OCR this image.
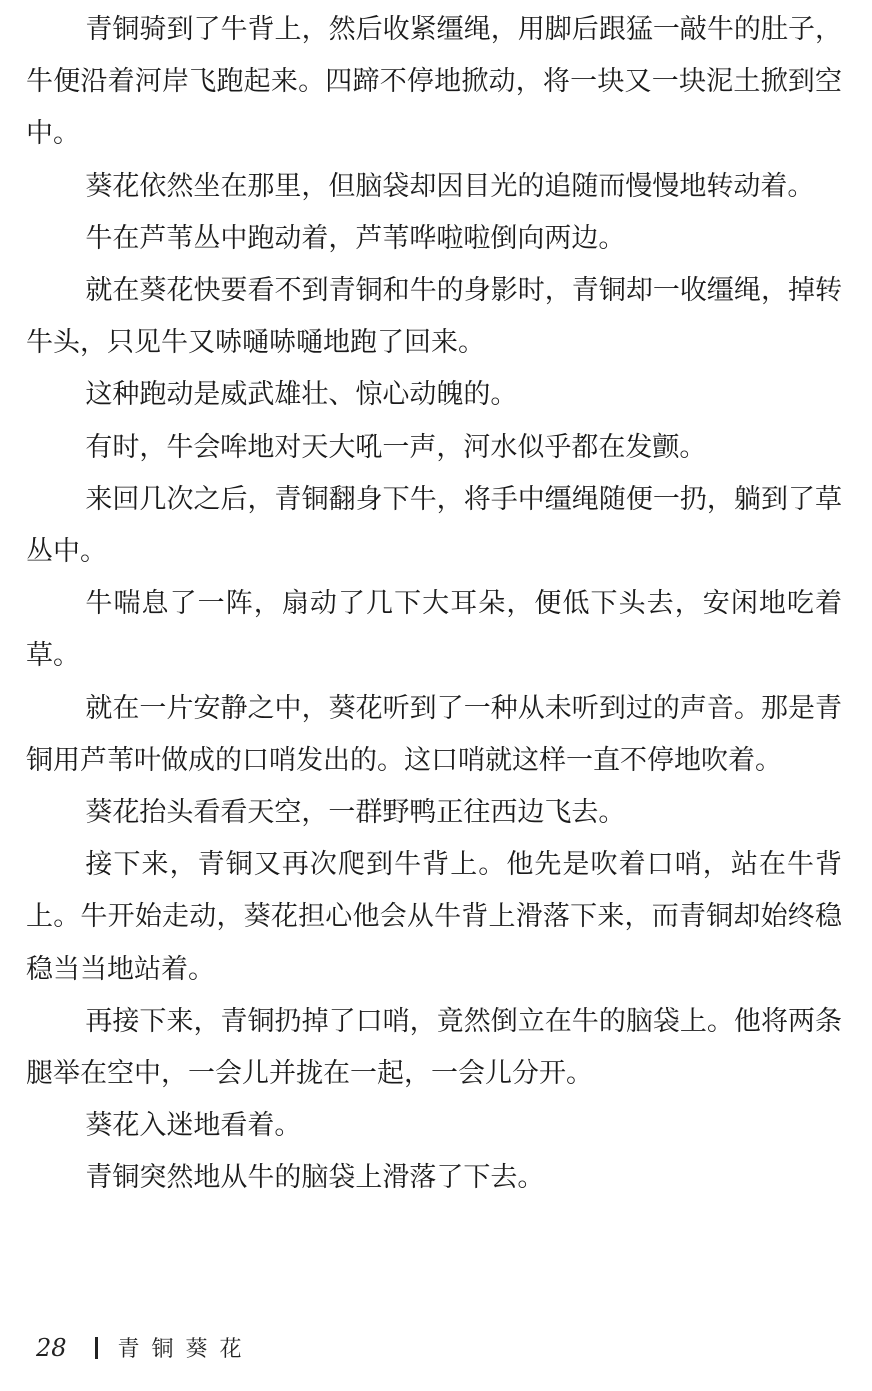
青铜骑到了牛背上，然后收紧缰绳，用脚后跟猛一敲牛的肚子，牛便沿着河岸飞跑起来。四蹄不停地掀动，将一块又一块泥土掀到空中。

葵花依然坐在那里，但脑袋却因目光的追随而慢慢地转动着。

牛在芦苇丛中跑动着，芦苇哗啦啦倒向两边。

就在葵花快要看不到青铜和牛的身影时，青铜却一收缰绳，掉转牛头，只见牛又哧嗵哧嗵地跑了回来。

这种跑动是威武雄壮、惊心动魄的。

有时，牛会哞地对天大吼一声，河水似乎都在发颤。

来回几次之后，青铜翻身下牛，将手中缰绳随便一扔，躺到了草丛中。

牛喘息了一阵，扇动了几下大耳朵，便低下头去，安闲地吃着草。

就在一片安静之中，葵花听到了一种从未听到过的声音。那是青铜用芦苇叶做成的口哨发出的。这口哨就这样一直不停地吹着。

葵花抬头看看天空，一群野鸭正往西边飞去。

接下来，青铜又再次爬到牛背上。他先是吹着口哨，站在牛背上。牛开始走动，葵花担心他会从牛背上滑落下来，而青铜却始终稳稳当当地站着。

再接下来，青铜扔掉了口哨，竟然倒立在牛的脑袋上。他将两条腿举在空中，一会儿并拢在一起，一会儿分开。

葵花入迷地看着。

青铜突然地从牛的脑袋上滑落了下去。

28 青铜葵花
